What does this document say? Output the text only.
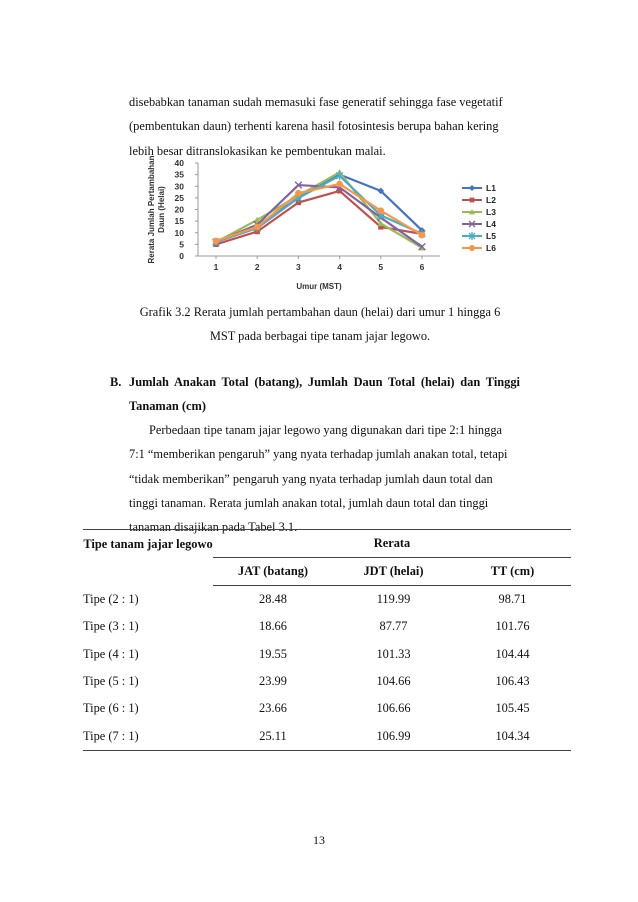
disebabkan tanaman sudah memasuki fase generatif sehingga fase vegetatif

(pembentukan daun) terhenti karena hasil fotosintesis berupa bahan kering

lebih besar ditranslokasikan ke pembentukan malai.

0
5
10
15
20
25
30
35
40
1	2	3	4	5	6
Umur (MST)
Rerata Jumlah PertambahanDaun (Helai)	L1
L2
L3
L4
L5
L6
Grafik 3.2 Rerata jumlah pertambahan daun (helai) dari umur 1 hingga 6
MST pada berbagai tipe tanam jajar legowo.
B. Jumlah Anakan Total (batang), Jumlah Daun Total (helai) dan Tinggi Tanaman (cm)

Perbedaan tipe tanam jajar legowo yang digunakan dari tipe 2:1 hingga

7:1 “memberikan pengaruh” yang nyata terhadap jumlah anakan total, tetapi

“tidak memberikan” pengaruh yang nyata terhadap jumlah daun total dan

tinggi tanaman. Rerata jumlah anakan total, jumlah daun total dan tinggi

tanaman disajikan pada Tabel 3.1.

Tipe tanam jajar legowo	Rerata		
	JAT (batang)	JDT (helai)	TT (cm)
Tipe (2 : 1)	28.48	119.99	98.71
Tipe (3 : 1)	18.66	87.77	101.76
Tipe (4 : 1)	19.55	101.33	104.44
Tipe (5 : 1)	23.99	104.66	106.43
Tipe (6 : 1)	23.66	106.66	105.45
Tipe (7 : 1)	25.11	106.99	104.34
13
